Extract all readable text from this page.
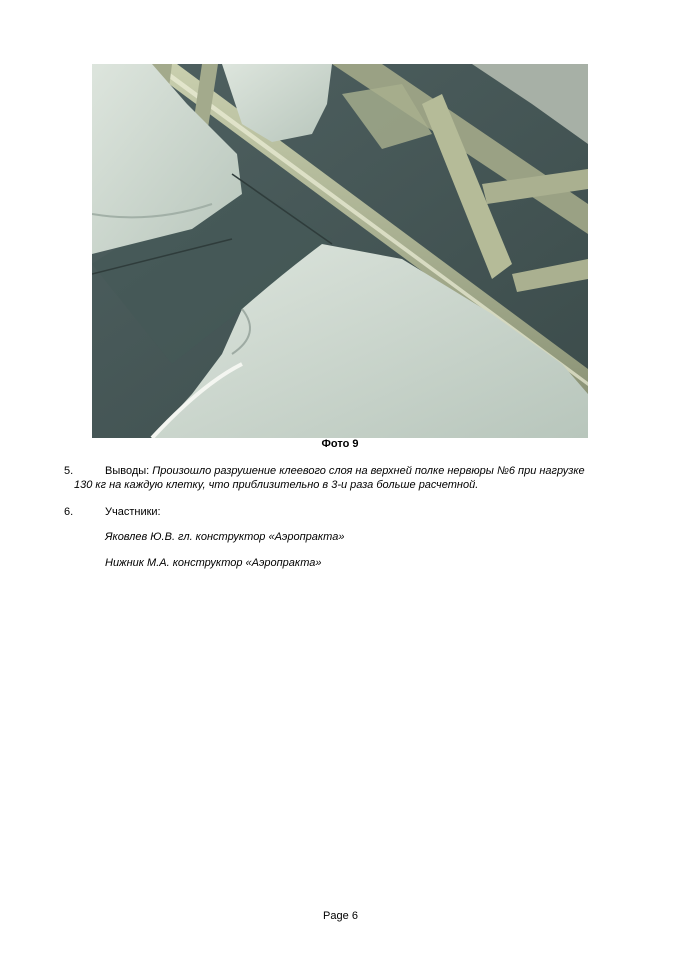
Фото 9
5.	Выводы: Произошло разрушение клеевого слоя на верхней полке нервюры №6 при нагрузке
130 кг на каждую клетку, что приблизительно в 3-и раза больше расчетной.
6.	Участники:
Яковлев Ю.В. гл. конструктор «Аэропракта»
Нижник М.А. конструктор «Аэропракта»
Page 6
